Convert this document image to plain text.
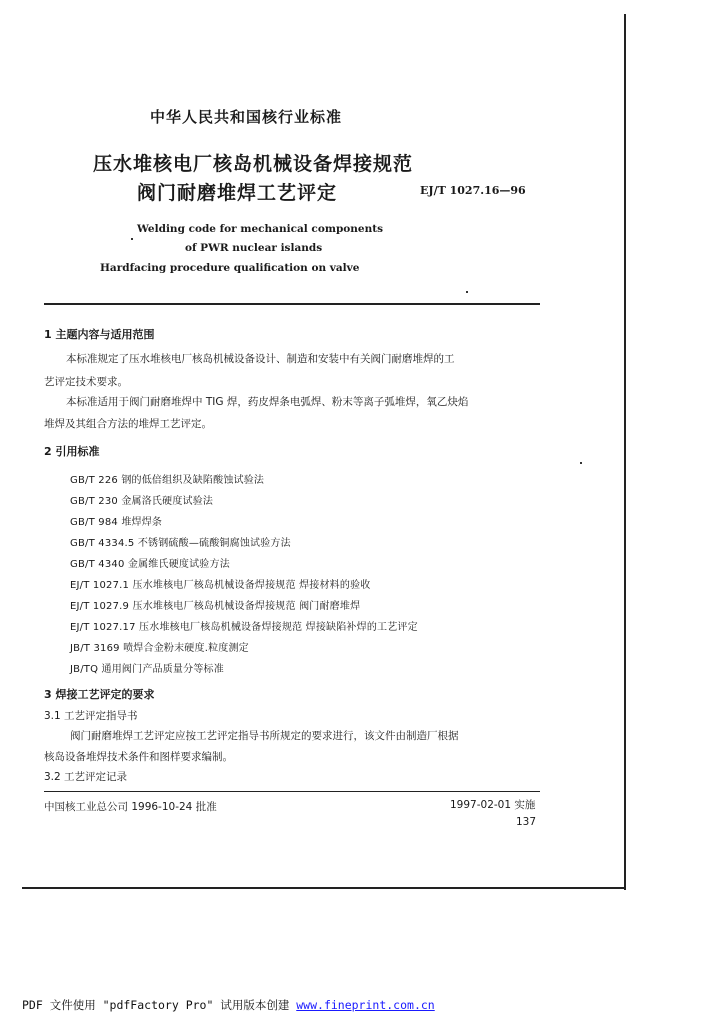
中华人民共和国核行业标准
压水堆核电厂核岛机械设备焊接规范
阀门耐磨堆焊工艺评定	EJ/T 1027.16—96
Welding code for mechanical components
of PWR nuclear islands
Hardfacing procedure qualification on valve
1 主题内容与适用范围
本标准规定了压水堆核电厂核岛机械设备设计、制造和安装中有关阀门耐磨堆焊的工
艺评定技术要求。
本标准适用于阀门耐磨堆焊中 TIG 焊，药皮焊条电弧焊、粉末等离子弧堆焊，氧乙炔焰
堆焊及其组合方法的堆焊工艺评定。
2 引用标准
GB/T 226 钢的低倍组织及缺陷酸蚀试验法
GB/T 230 金属洛氏硬度试验法
GB/T 984 堆焊焊条
GB/T 4334.5 不锈钢硫酸—硫酸铜腐蚀试验方法
GB/T 4340 金属维氏硬度试验方法
EJ/T 1027.1 压水堆核电厂核岛机械设备焊接规范 焊接材料的验收
EJ/T 1027.9 压水堆核电厂核岛机械设备焊接规范 阀门耐磨堆焊
EJ/T 1027.17 压水堆核电厂核岛机械设备焊接规范 焊接缺陷补焊的工艺评定
JB/T 3169 喷焊合金粉末硬度.粒度测定
JB/TQ 通用阀门产品质量分等标准
3 焊接工艺评定的要求
3.1 工艺评定指导书
阀门耐磨堆焊工艺评定应按工艺评定指导书所规定的要求进行，该文件由制造厂根据
核岛设备堆焊技术条件和图样要求编制。
3.2 工艺评定记录
中国核工业总公司 1996-10-24 批准	1997-02-01 实施
137
PDF 文件使用 "pdfFactory Pro" 试用版本创建 www.fineprint.com.cn
